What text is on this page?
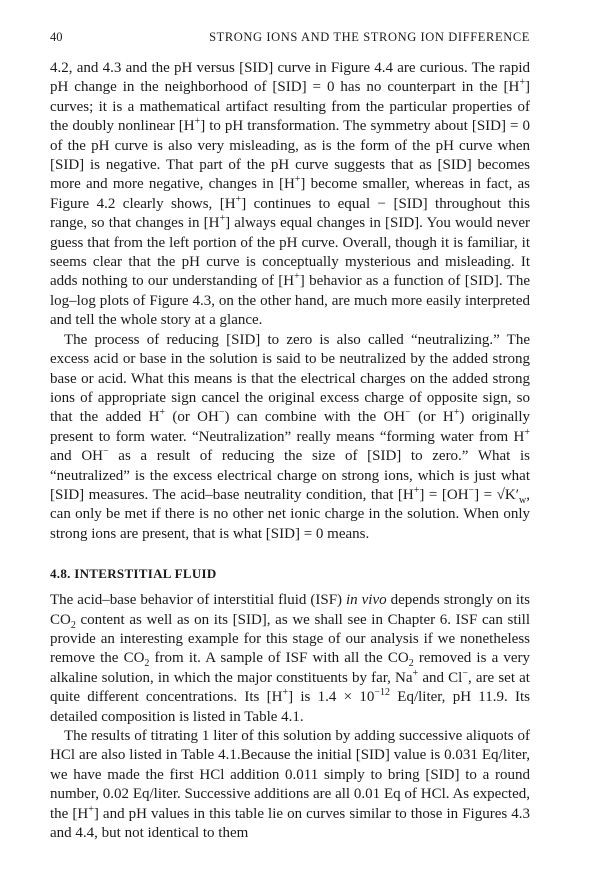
40	STRONG IONS AND THE STRONG ION DIFFERENCE

4.2, and 4.3 and the pH versus [SID] curve in Figure 4.4 are curious. The rapid pH change in the neighborhood of [SID] = 0 has no counterpart in the [H+] curves; it is a mathematical artifact resulting from the particular properties of the doubly nonlinear [H+] to pH transformation. The symmetry about [SID] = 0 of the pH curve is also very misleading, as is the form of the pH curve when [SID] is negative. That part of the pH curve suggests that as [SID] becomes more and more negative, changes in [H+] become smaller, whereas in fact, as Figure 4.2 clearly shows, [H+] continues to equal − [SID] throughout this range, so that changes in [H+] always equal changes in [SID]. You would never guess that from the left portion of the pH curve. Overall, though it is familiar, it seems clear that the pH curve is conceptually mysterious and misleading. It adds nothing to our understanding of [H+] behavior as a function of [SID]. The log–log plots of Figure 4.3, on the other hand, are much more easily interpreted and tell the whole story at a glance.

The process of reducing [SID] to zero is also called “neutralizing.” The excess acid or base in the solution is said to be neutralized by the added strong base or acid. What this means is that the electrical charges on the added strong ions of appropriate sign cancel the original excess charge of opposite sign, so that the added H+ (or OH−) can combine with the OH− (or H+) originally present to form water. “Neutralization” really means “forming water from H+ and OH− as a result of reducing the size of [SID] to zero.” What is “neutralized” is the excess electrical charge on strong ions, which is just what [SID] measures. The acid–base neutrality condition, that $[H^+] = [OH^-] = √K'_w$, can only be met if there is no other net ionic charge in the solution. When only strong ions are present, that is what [SID] = 0 means.

4.8. INTERSTITIAL FLUID

The acid–base behavior of interstitial fluid (ISF) in vivo depends strongly on its $CO_2$ content as well as on its [SID], as we shall see in Chapter 6. ISF can still provide an interesting example for this stage of our analysis if we nonetheless remove the $CO_2$ from it. A sample of ISF with all the $CO_2$ removed is a very alkaline solution, in which the major constituents by far, Na+ and Cl−, are set at quite different concentrations. Its [H+] is $1.4 \times 10^{-12}$ Eq/liter, pH 11.9. Its detailed composition is listed in Table 4.1.

The results of titrating 1 liter of this solution by adding successive aliquots of HCl are also listed in Table 4.1.Because the initial [SID] value is 0.031 Eq/liter, we have made the first HCl addition 0.011 simply to bring [SID] to a round number, 0.02 Eq/liter. Successive additions are all 0.01 Eq of HCl. As expected, the [H+] and pH values in this table lie on curves similar to those in Figures 4.3 and 4.4, but not identical to them
